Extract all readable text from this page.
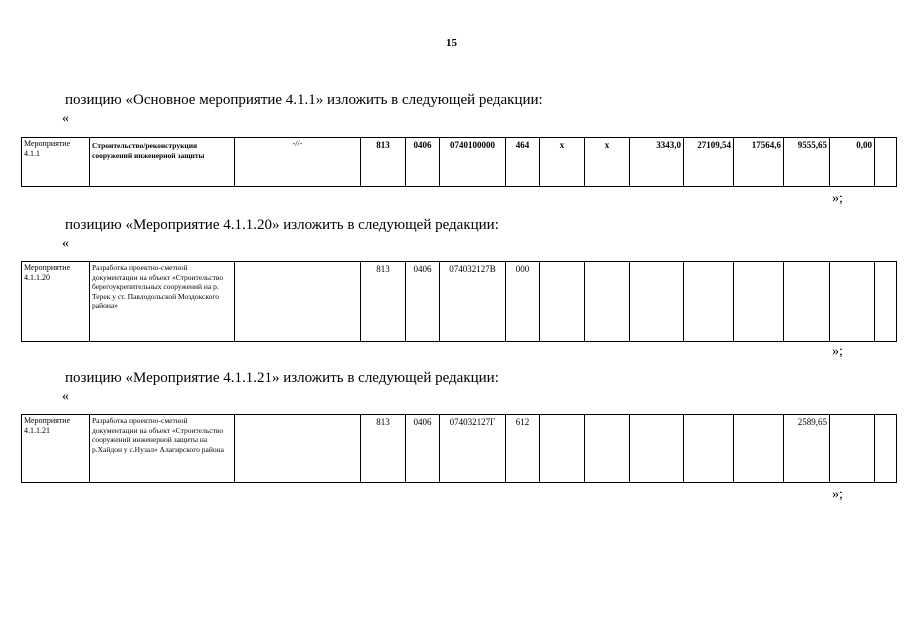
15
позицию «Основное мероприятие 4.1.1» изложить в следующей редакции:
«
Мероприятие 4.1.1	Строительство/реконструкция сооружений инженерной защиты	-//-	813	0406	0740100000	464	х	х	3343,0	27109,54	17564,6	9555,65	0,00	
»;
позицию «Мероприятие 4.1.1.20» изложить в следующей редакции:
«
Мероприятие 4.1.1.20	Разработка проектно-сметной документации на объект «Строительство берегоукрепительных сооружений на р. Терек у ст. Павлодольской Моздокского района»		813	0406	074032127В	000								
»;
позицию «Мероприятие 4.1.1.21» изложить в следующей редакции:
«
Мероприятие 4.1.1.21	Разработка проектно-сметной документации на объект «Строительство сооружений инженерной защиты на р.Хайдон у с.Нузал» Алагирского района		813	0406	074032127Г	612						2589,65		
»;
